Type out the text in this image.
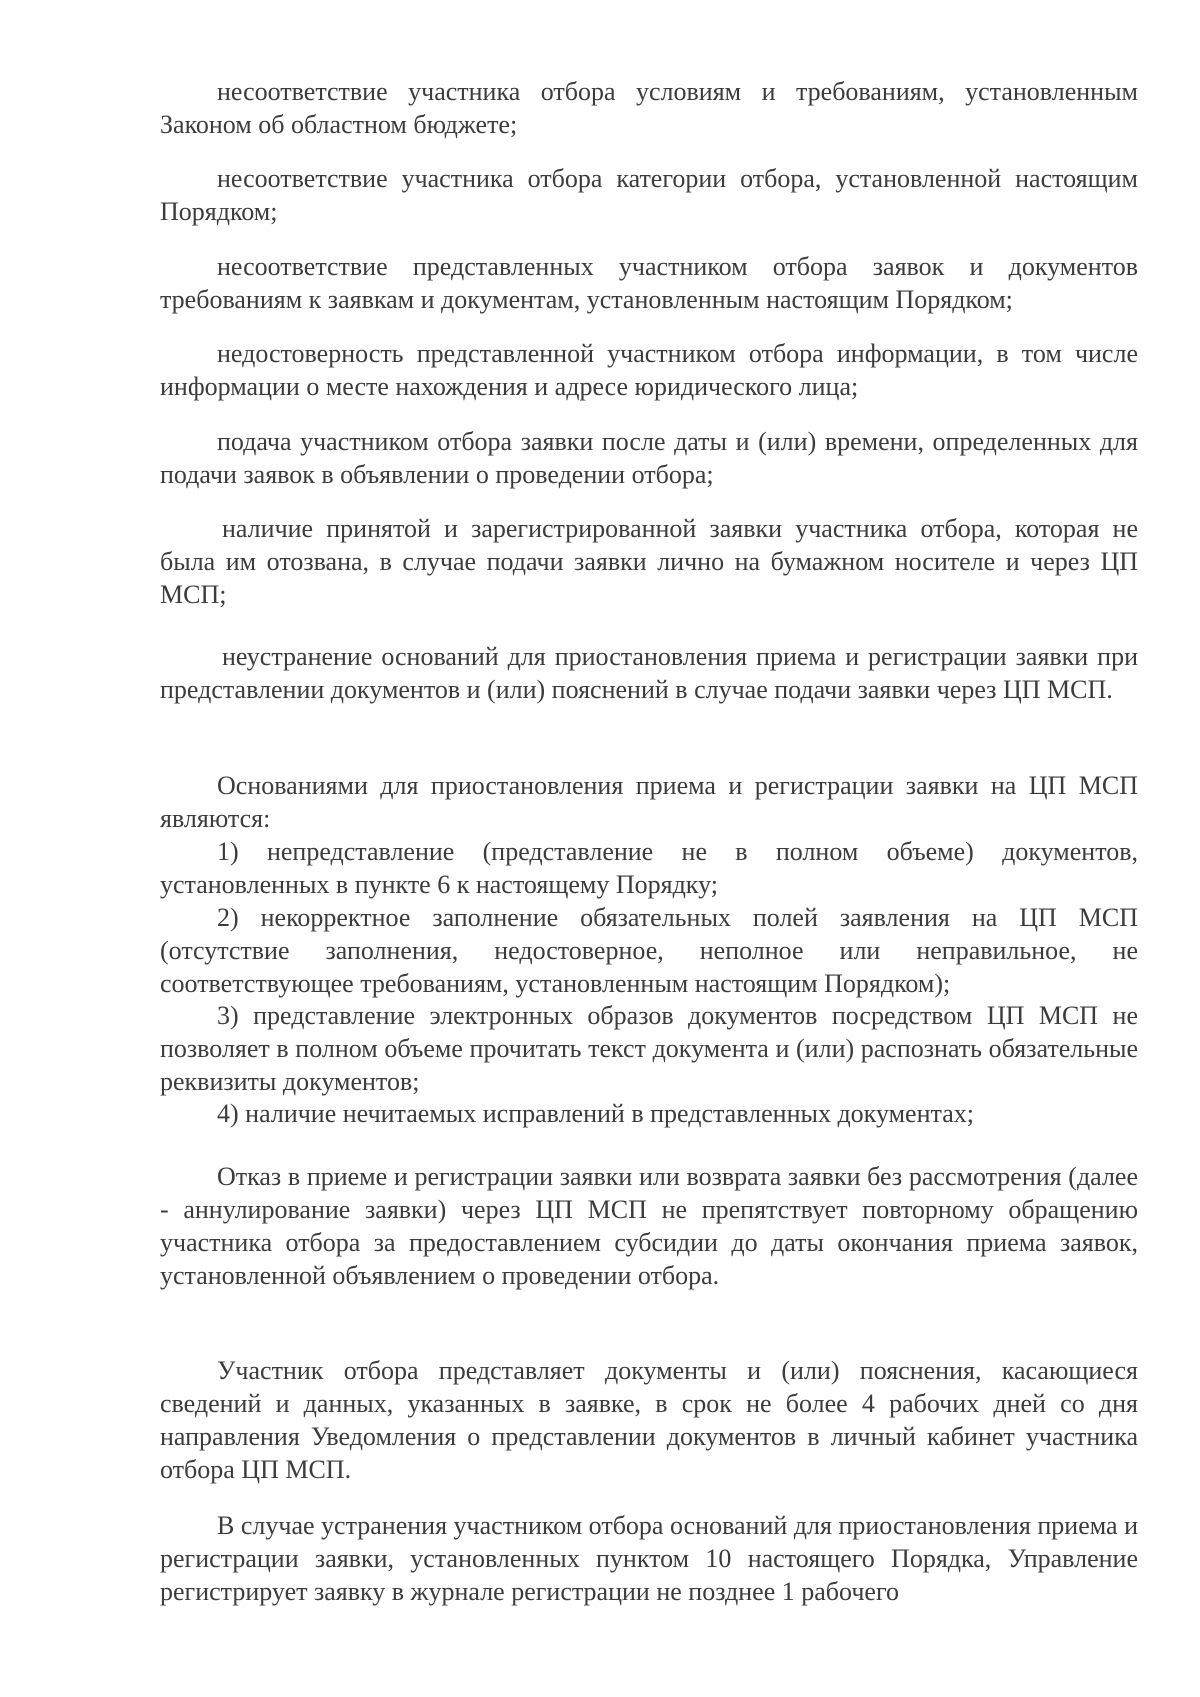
несоответствие участника отбора условиям и требованиям, установленным Законом об областном бюджете;

несоответствие участника отбора категории отбора, установленной настоящим Порядком;

несоответствие представленных участником отбора заявок и документов требованиям к заявкам и документам, установленным настоящим Порядком;

недостоверность представленной участником отбора информации, в том числе информации о месте нахождения и адресе юридического лица;

подача участником отбора заявки после даты и (или) времени, определенных для подачи заявок в объявлении о проведении отбора;

наличие принятой и зарегистрированной заявки участника отбора, которая не была им отозвана, в случае подачи заявки лично на бумажном носителе и через ЦП МСП;

неустранение оснований для приостановления приема и регистрации заявки при представлении документов и (или) пояснений в случае подачи заявки через ЦП МСП.

Основаниями для приостановления приема и регистрации заявки на ЦП МСП являются:

1) непредставление (представление не в полном объеме) документов, установленных в пункте 6 к настоящему Порядку;

2) некорректное заполнение обязательных полей заявления на ЦП МСП (отсутствие заполнения, недостоверное, неполное или неправильное, не соответствующее требованиям, установленным настоящим Порядком);

3) представление электронных образов документов посредством ЦП МСП не позволяет в полном объеме прочитать текст документа и (или) распознать обязательные реквизиты документов;

4) наличие нечитаемых исправлений в представленных документах;

Отказ в приеме и регистрации заявки или возврата заявки без рассмотрения (далее - аннулирование заявки) через ЦП МСП не препятствует повторному обращению участника отбора за предоставлением субсидии до даты окончания приема заявок, установленной объявлением о проведении отбора.

Участник отбора представляет документы и (или) пояснения, касающиеся сведений и данных, указанных в заявке, в срок не более 4 рабочих дней со дня направления Уведомления о представлении документов в личный кабинет участника отбора ЦП МСП.

В случае устранения участником отбора оснований для приостановления приема и регистрации заявки, установленных пунктом 10 настоящего Порядка, Управление регистрирует заявку в журнале регистрации не позднее 1 рабочего
